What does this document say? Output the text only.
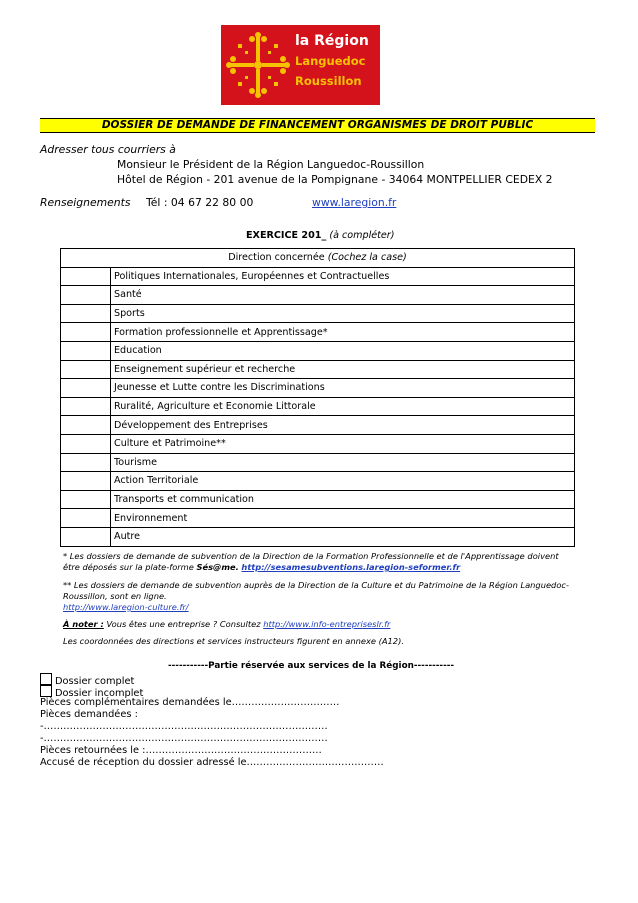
la Région
Languedoc
Roussillon
DOSSIER DE DEMANDE DE FINANCEMENT ORGANISMES DE DROIT PUBLIC
Adresser tous courriers à
Monsieur le Président de la Région Languedoc-Roussillon
Hôtel de Région - 201 avenue de la Pompignane - 34064 MONTPELLIER CEDEX 2
Renseignements Tél : 04 67 22 80 00	www.laregion.fr
EXERCICE 201_ (à compléter)
Direction concernée (Cochez la case)	
	Politiques Internationales, Européennes et Contractuelles
	Santé
	Sports
	Formation professionnelle et Apprentissage*
	Education
	Enseignement supérieur et recherche
	Jeunesse et Lutte contre les Discriminations
	Ruralité, Agriculture et Economie Littorale
	Développement des Entreprises
	Culture et Patrimoine**
	Tourisme
	Action Territoriale
	Transports et communication
	Environnement
	Autre
* Les dossiers de demande de subvention de la Direction de la Formation Professionnelle et de l'Apprentissage doivent
être déposés sur la plate-forme Sés@me. http://sesamesubventions.laregion-seformer.fr
** Les dossiers de demande de subvention auprès de la Direction de la Culture et du Patrimoine de la Région Languedoc-
Roussillon, sont en ligne.
http://www.laregion-culture.fr/
À noter : Vous êtes une entreprise ? Consultez http://www.info-entrepriseslr.fr
Les coordonnées des directions et services instructeurs figurent en annexe (A12).
-----------Partie réservée aux services de la Région-----------
Dossier complet
Dossier incomplet
Pièces complémentaires demandées le……………………………
Pièces demandées :
-……………………………………………………………………………
-……………………………………………………………………………
Pièces retournées le :………………………………………………
Accusé de réception du dossier adressé le……………………………………
